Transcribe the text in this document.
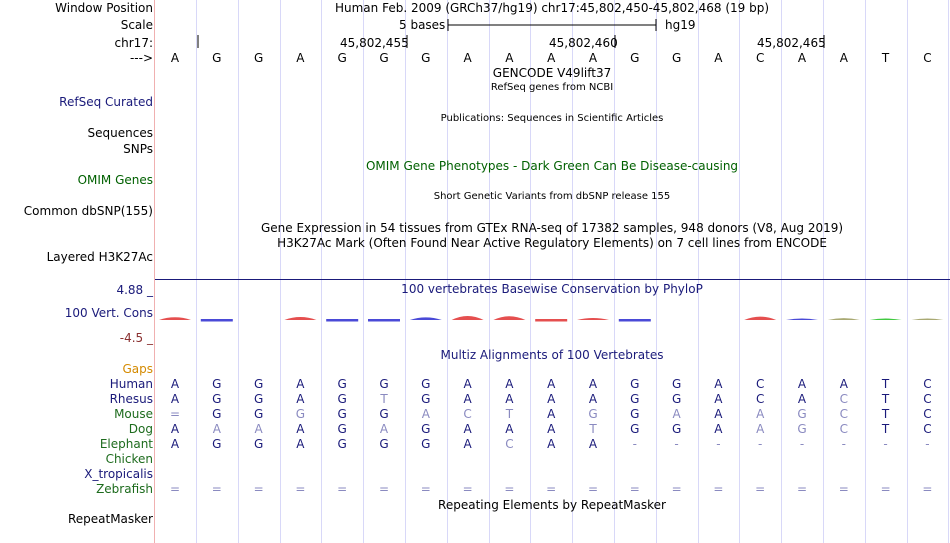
Window Position	Human Feb. 2009 (GRCh37/hg19) chr17:45,802,450-45,802,468 (19 bp)
Scale	5 bases	hg19
chr17:	45,802,455	45,802,460	45,802,465
---> A	G	G	A	G	G	G	A	A	A	A	G	G	A	C	A	A	T	C
GENCODE V49lift37
RefSeq genes from NCBI
RefSeq Curated
Publications: Sequences in Scientific Articles
Sequences
SNPs
OMIM Gene Phenotypes - Dark Green Can Be Disease-causing
OMIM Genes
Short Genetic Variants from dbSNP release 155
Common dbSNP(155)
Gene Expression in 54 tissues from GTEx RNA-seq of 17382 samples, 948 donors (V8, Aug 2019)
H3K27Ac Mark (Often Found Near Active Regulatory Elements) on 7 cell lines from ENCODE
Layered H3K27Ac
4.88 _	100 vertebrates Basewise Conservation by PhyloP
100 Vert. Cons
-4.5 _
Multiz Alignments of 100 Vertebrates
Gaps
Human A	G	G	A	G	G	G	A	A	A	A	G	G	A	C	A	A	T	C
Rhesus A	G	G	A	G	T	G	A	A	A	A	G	G	A	C	A	C	T	C
Mouse =	G	G	G	G	G	A	C	T	A	G	G	A	A	A	G	C	T	C
Dog A	A	A	A	G	A	G	A	A	A	T	G	G	A	A	G	C	T	C
Elephant A	G	G	A	G	G	G	A	C	A	A	-	-	-	-	-	-	-	-
Chicken
X_tropicalis
Zebrafish =	=	=	=	=	=	=	=	=	=	=	=	=	=	=	=	=	=	=
Repeating Elements by RepeatMasker
RepeatMasker
